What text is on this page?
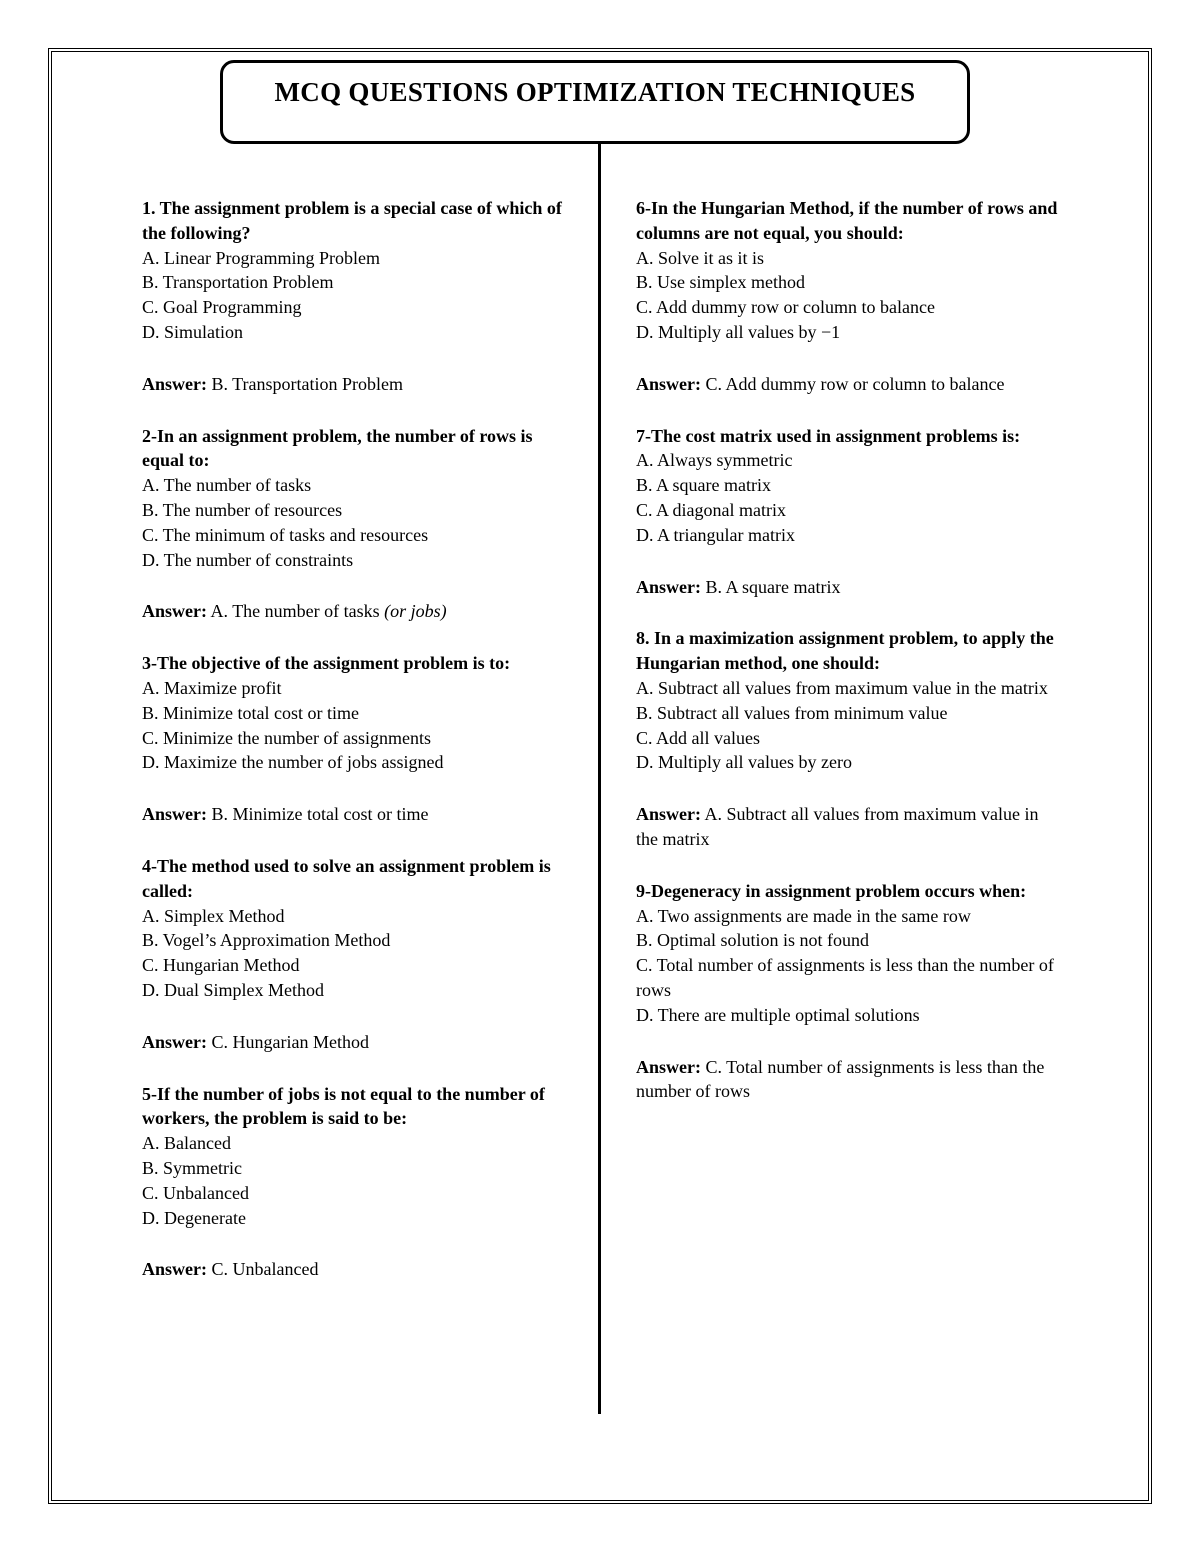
MCQ QUESTIONS OPTIMIZATION TECHNIQUES

1. The assignment problem is a special case of which of the following?

A. Linear Programming Problem

B. Transportation Problem

C. Goal Programming

D. Simulation

Answer: B. Transportation Problem

2-In an assignment problem, the number of rows is equal to:

A. The number of tasks

B. The number of resources

C. The minimum of tasks and resources

D. The number of constraints

Answer: A. The number of tasks (or jobs)

3-The objective of the assignment problem is to:

A. Maximize profit

B. Minimize total cost or time

C. Minimize the number of assignments

D. Maximize the number of jobs assigned

Answer: B. Minimize total cost or time

4-The method used to solve an assignment problem is called:

A. Simplex Method

B. Vogel’s Approximation Method

C. Hungarian Method

D. Dual Simplex Method

Answer: C. Hungarian Method

5-If the number of jobs is not equal to the number of workers, the problem is said to be:

A. Balanced

B. Symmetric

C. Unbalanced

D. Degenerate

Answer: C. Unbalanced

6-In the Hungarian Method, if the number of rows and columns are not equal, you should:

A. Solve it as it is

B. Use simplex method

C. Add dummy row or column to balance

D. Multiply all values by −1

Answer: C. Add dummy row or column to balance

7-The cost matrix used in assignment problems is:

A. Always symmetric

B. A square matrix

C. A diagonal matrix

D. A triangular matrix

Answer: B. A square matrix

8. In a maximization assignment problem, to apply the Hungarian method, one should:

A. Subtract all values from maximum value in the matrix

B. Subtract all values from minimum value

C. Add all values

D. Multiply all values by zero

Answer: A. Subtract all values from maximum value in the matrix

9-Degeneracy in assignment problem occurs when:

A. Two assignments are made in the same row

B. Optimal solution is not found

C. Total number of assignments is less than the number of rows

D. There are multiple optimal solutions

Answer: C. Total number of assignments is less than the number of rows
